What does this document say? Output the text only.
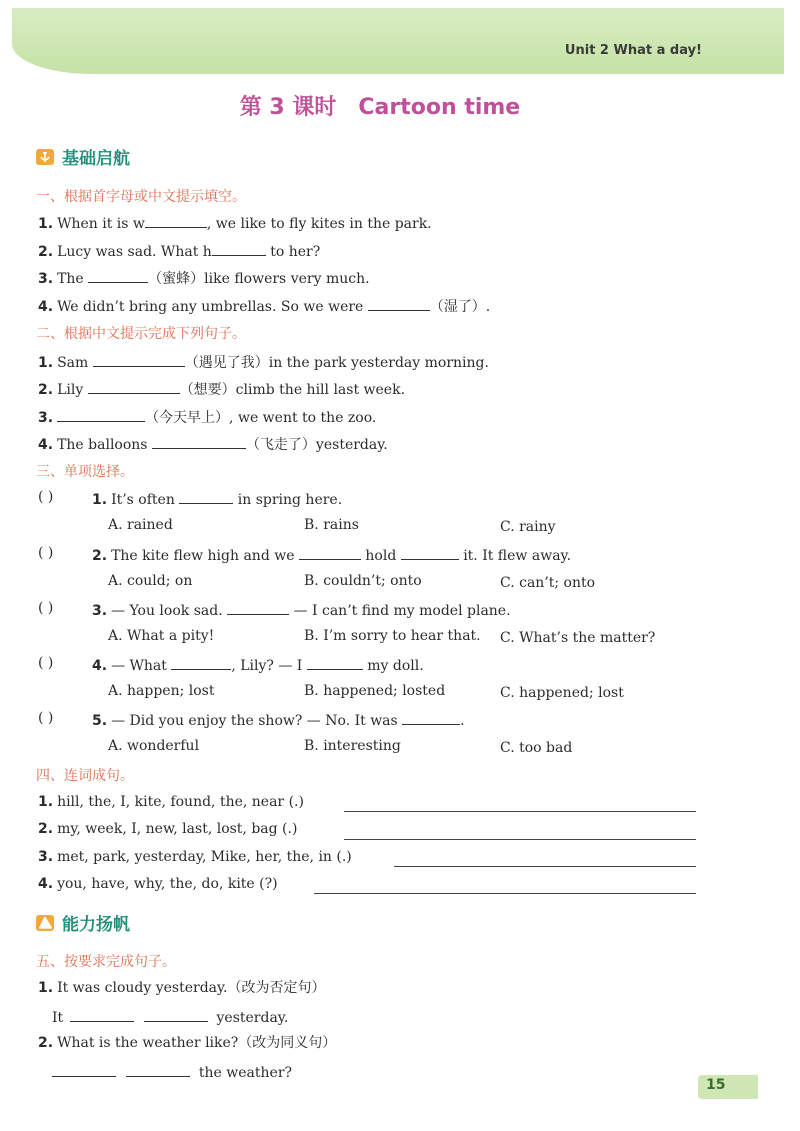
Unit 2 What a day!
第 3 课时 Cartoon time
基础启航
一、根据首字母或中文提示填空。
1. When it is w	, we like to fly kites in the park.
2. Lucy was sad. What h	to her?
3. The	（蜜蜂）like flowers very much.
4. We didn’t bring any umbrellas. So we were	（湿了）.
二、根据中文提示完成下列句子。
1. Sam	（遇见了我）in the park yesterday morning.
2. Lily	（想要）climb the hill last week.
3.	（今天早上）, we went to the zoo.
4. The balloons	（飞走了）yesterday.
三、单项选择。
( )	1. It’s often	in spring here.
A. rained	B. rains	C. rainy
( )	2. The kite flew high and we	hold	it. It flew away.
A. could; on	B. couldn’t; onto	C. can’t; onto
( )	3. — You look sad.	— I can’t find my model plane.
A. What a pity!	B. I’m sorry to hear that. C. What’s the matter?
( )	4. — What	, Lily? — I	my doll.
A. happen; lost	B. happened; losted	C. happened; lost
( )	5. — Did you enjoy the show? — No. It was	.
A. wonderful	B. interesting	C. too bad
四、连词成句。
1. hill, the, I, kite, found, the, near (.)
2. my, week, I, new, last, lost, bag (.)
3. met, park, yesterday, Mike, her, the, in (.)
4. you, have, why, the, do, kite (?)
能力扬帆
五、按要求完成句子。
1. It was cloudy yesterday.（改为否定句）
It	yesterday.
2. What is the weather like?（改为同义句）
the weather?
15
